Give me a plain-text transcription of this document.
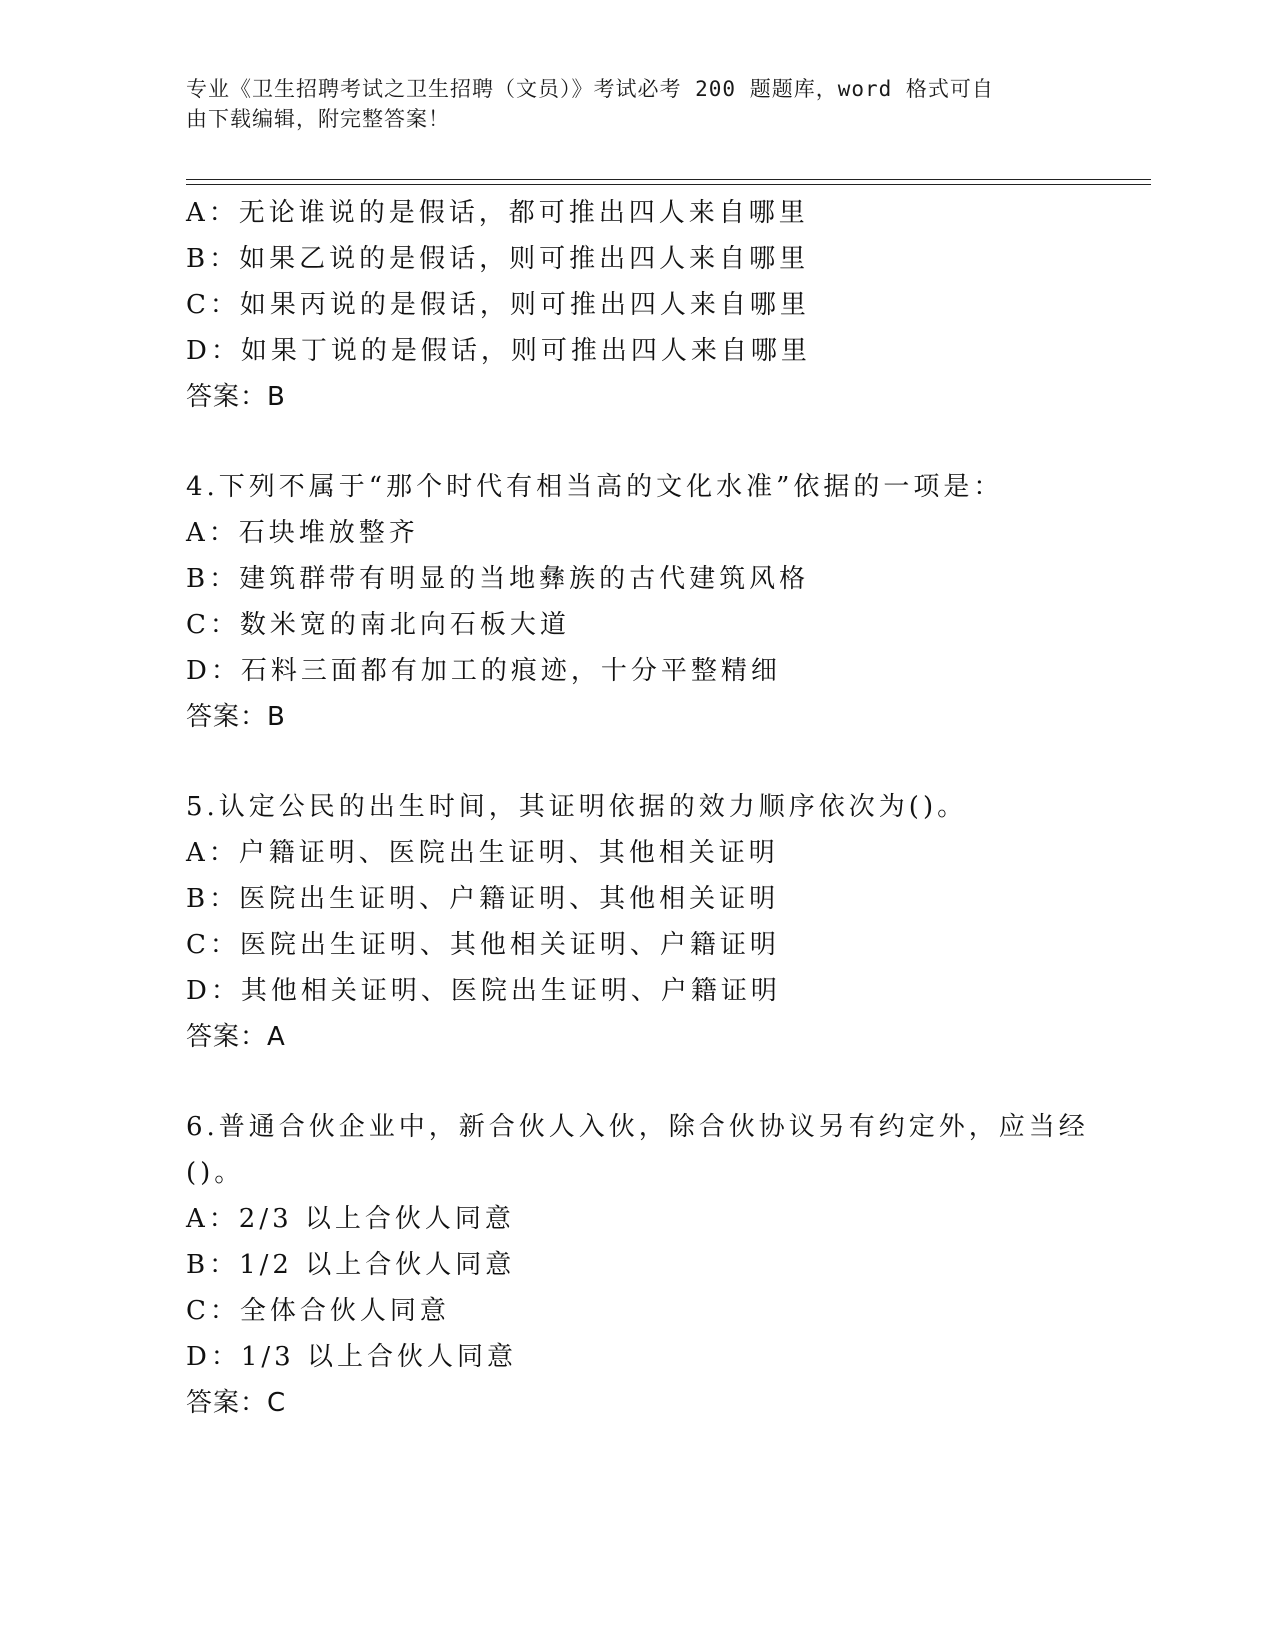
专业《卫生招聘考试之卫生招聘（文员）》考试必考 200 题题库，word 格式可自
由下载编辑，附完整答案！
A：无论谁说的是假话，都可推出四人来自哪里
B：如果乙说的是假话，则可推出四人来自哪里
C：如果丙说的是假话，则可推出四人来自哪里
D：如果丁说的是假话，则可推出四人来自哪里
答案：B
4.下列不属于“那个时代有相当高的文化水准”依据的一项是：
A：石块堆放整齐
B：建筑群带有明显的当地彝族的古代建筑风格
C：数米宽的南北向石板大道
D：石料三面都有加工的痕迹，十分平整精细
答案：B
5.认定公民的出生时间，其证明依据的效力顺序依次为()。
A：户籍证明、医院出生证明、其他相关证明
B：医院出生证明、户籍证明、其他相关证明
C：医院出生证明、其他相关证明、户籍证明
D：其他相关证明、医院出生证明、户籍证明
答案：A
6.普通合伙企业中，新合伙人入伙，除合伙协议另有约定外，应当经
()。
A：2/3 以上合伙人同意
B：1/2 以上合伙人同意
C：全体合伙人同意
D：1/3 以上合伙人同意
答案：C
